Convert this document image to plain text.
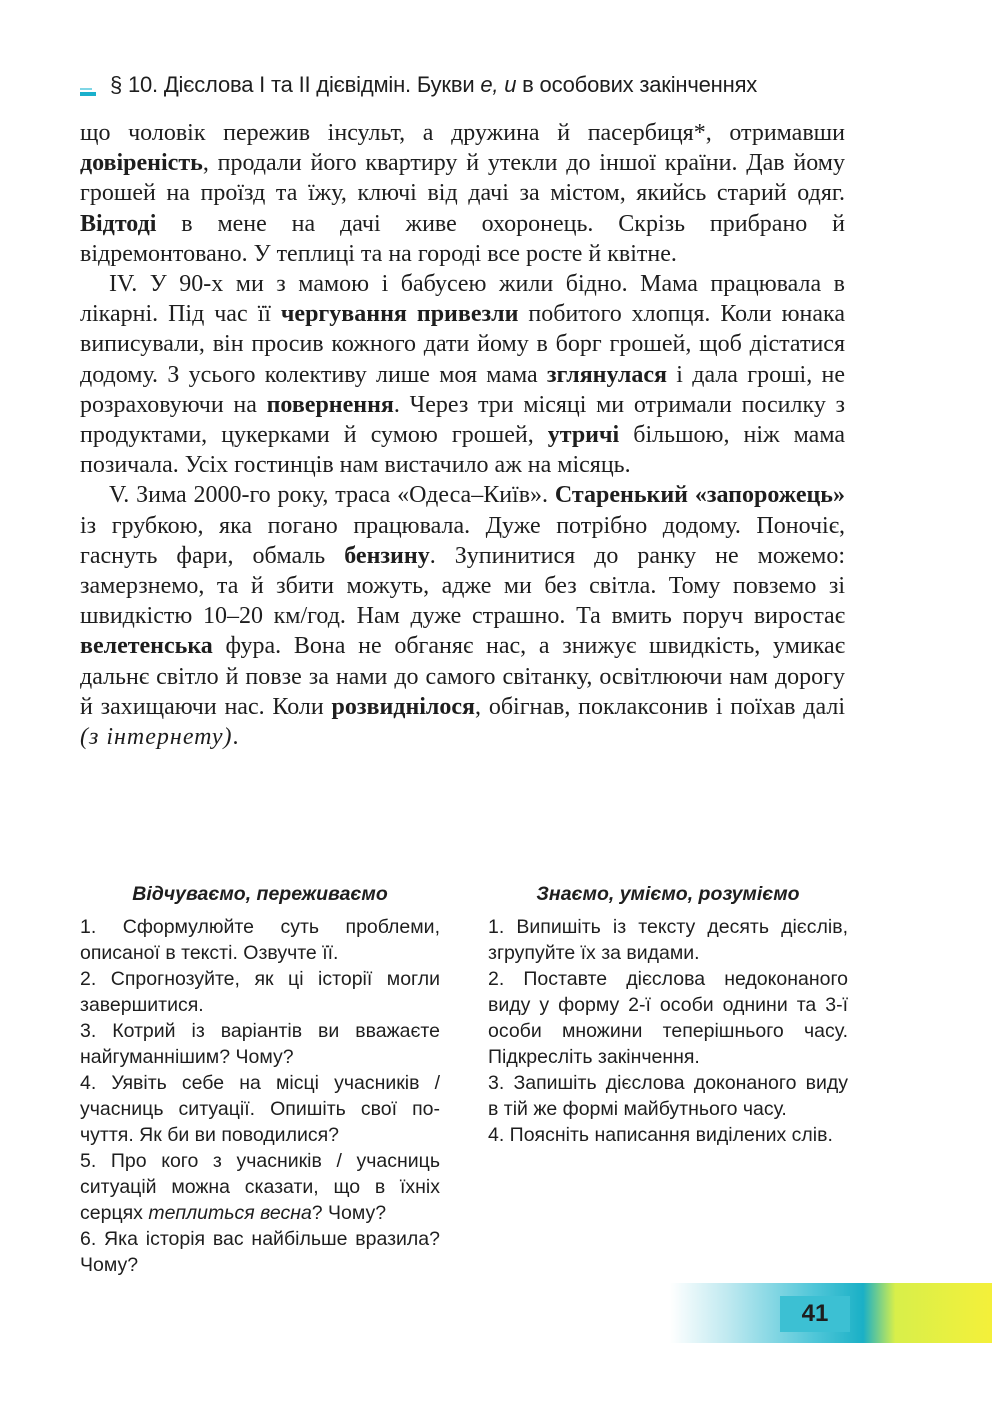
§ 10. Дієслова І та ІІ дієвідмін. Букви е, и в особових закінченнях

що чоловік пережив інсульт, а дружина й пасербиця*, отримавши довіреність, продали його квартиру й утекли до іншої країни. Дав йому грошей на проїзд та їжу, ключі від дачі за містом, якийсь старий одяг. Відтоді в мене на дачі живе охоронець. Скрізь прибрано й відремонтовано. У теплиці та на городі все росте й квітне.

IV. У 90-х ми з мамою і бабусею жили бідно. Мама працювала в лікарні. Під час її чергування привезли побитого хлопця. Коли юнака виписували, він просив кожного дати йому в борг грошей, щоб дістатися додому. З усього колективу лише моя мама зглянулася і дала гроші, не розраховуючи на повернення. Через три місяці ми отримали посилку з продуктами, цукерками й сумою грошей, утричі більшою, ніж мама позичала. Усіх гостинців нам вистачило аж на місяць.

V. Зима 2000-го року, траса «Одеса–Київ». Старенький «запорожець» із грубкою, яка погано працювала. Дуже потрібно додому. Поночіє, гаснуть фари, обмаль бензину. Зупинитися до ранку не можемо: замерзнемо, та й збити можуть, адже ми без світла. Тому повземо зі швидкістю 10–20 км/год. Нам дуже страшно. Та вмить поруч виростає велетенська фура. Вона не обганяє нас, а знижує швидкість, умикає дальнє світло й повзе за нами до самого світанку, освітлюючи нам дорогу й захищаючи нас. Коли розвиднілося, обігнав, поклаксонив і поїхав далі (з інтернету).

Відчуваємо, переживаємо

1. Сформулюйте суть проблеми, описаної в тексті. Озвучте її.

2. Спрогнозуйте, як ці історії могли завершитися.

3. Котрий із варіантів ви вважаєте найгуманнішим? Чому?

4. Уявіть себе на місці учасників / учасниць ситуації. Опишіть свої почуття. Як би ви поводилися?

5. Про кого з учасників / учасниць ситуацій можна сказати, що в їхніх серцях теплиться весна? Чому?

6. Яка історія вас найбільше вразила? Чому?

Знаємо, уміємо, розуміємо

1. Випишіть із тексту десять дієслів, згрупуйте їх за видами.

2. Поставте дієслова недоконаного виду у форму 2-ї особи однини та 3-ї особи множини теперішнього часу. Підкресліть закінчення.

3. Запишіть дієслова доконаного виду в тій же формі майбутнього часу.

4. Поясніть написання виділених слів.

41
